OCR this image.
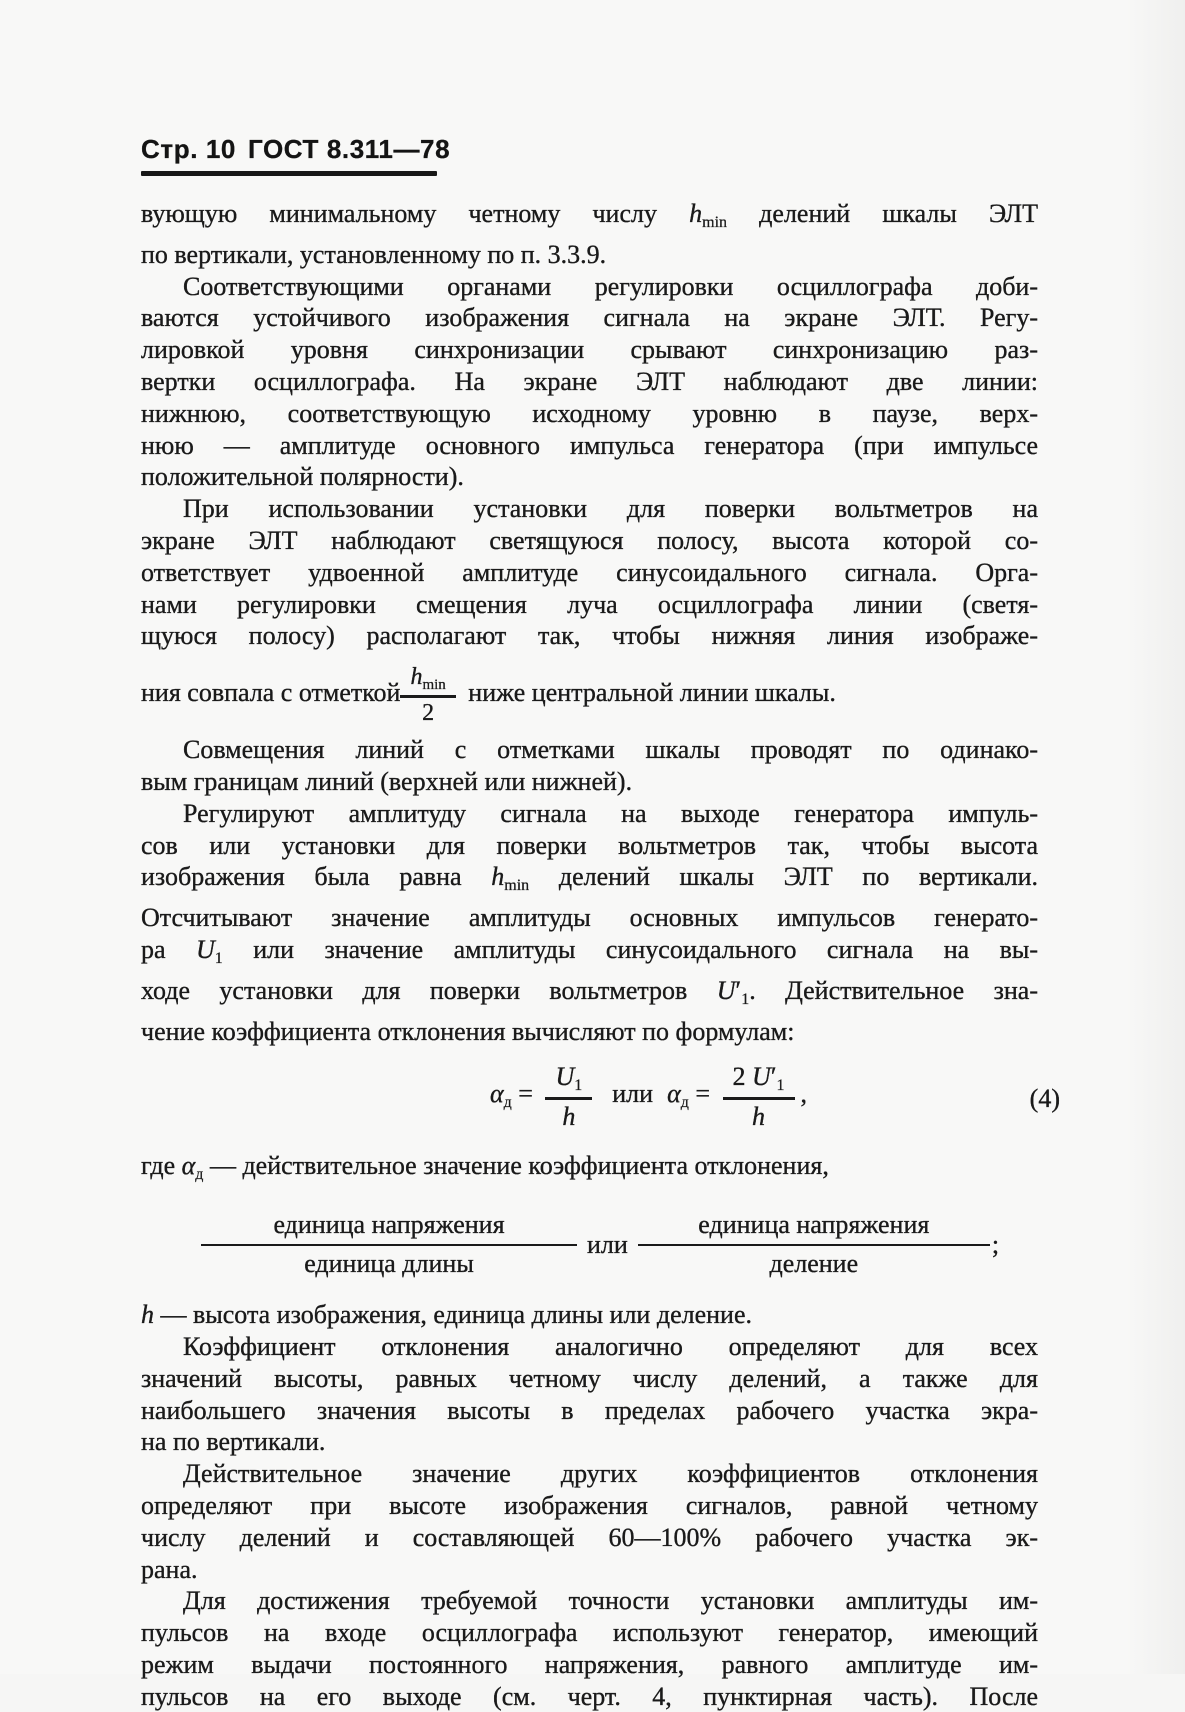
Стр. 10 ГОСТ 8.311—78
вующую минимальному четному числу hmin делений шкалы ЭЛТ
по вертикали, установленному по п. 3.3.9.
Соответствующими органами регулировки осциллографа доби-
ваются устойчивого изображения сигнала на экране ЭЛТ. Регу-
лировкой уровня синхронизации срывают синхронизацию раз-
вертки осциллографа. На экране ЭЛТ наблюдают две линии:
нижнюю, соответствующую исходному уровню в паузе, верх-
нюю — амплитуде основного импульса генератора (при импульсе
положительной полярности).
При использовании установки для поверки вольтметров на
экране ЭЛТ наблюдают светящуюся полосу, высота которой со-
ответствует удвоенной амплитуде синусоидального сигнала. Орга-
нами регулировки смещения луча осциллографа линии (светя-
щуюся полосу) располагают так, чтобы нижняя линия изображе-
ния совпала с отметкой $\frac{h_{min}}{2}$ ниже центральной линии шкалы.
Совмещения линий с отметками шкалы проводят по одинако-
вым границам линий (верхней или нижней).
Регулируют амплитуду сигнала на выходе генератора импуль-
сов или установки для поверки вольтметров так, чтобы высота
изображения была равна hmin делений шкалы ЭЛТ по вертикали.
Отсчитывают значение амплитуды основных импульсов генерато-
ра U1 или значение амплитуды синусоидального сигнала на вы-
ходе установки для поверки вольтметров U′1. Действительное зна-
чение коэффициента отклонения вычисляют по формулам:
$\alpha д = \frac{U1}{h}$ или $\alpha д = \frac{2 U'1}{h}$ ,	(4)
где αд — действительное значение коэффициента отклонения,
$\frac{\text{единица напряжения}}{\text{единица длины}}$ или $\frac{\text{единица напряжения}}{\text{деление}}$ ;
h — высота изображения, единица длины или деление.
Коэффициент отклонения аналогично определяют для всех
значений высоты, равных четному числу делений, а также для
наибольшего значения высоты в пределах рабочего участка экра-
на по вертикали.
Действительное значение других коэффициентов отклонения
определяют при высоте изображения сигналов, равной четному
числу делений и составляющей 60—100% рабочего участка эк-
рана.
Для достижения требуемой точности установки амплитуды им-
пульсов на входе осциллографа используют генератор, имеющий
режим выдачи постоянного напряжения, равного амплитуде им-
пульсов на его выходе (см. черт. 4, пунктирная часть). После
